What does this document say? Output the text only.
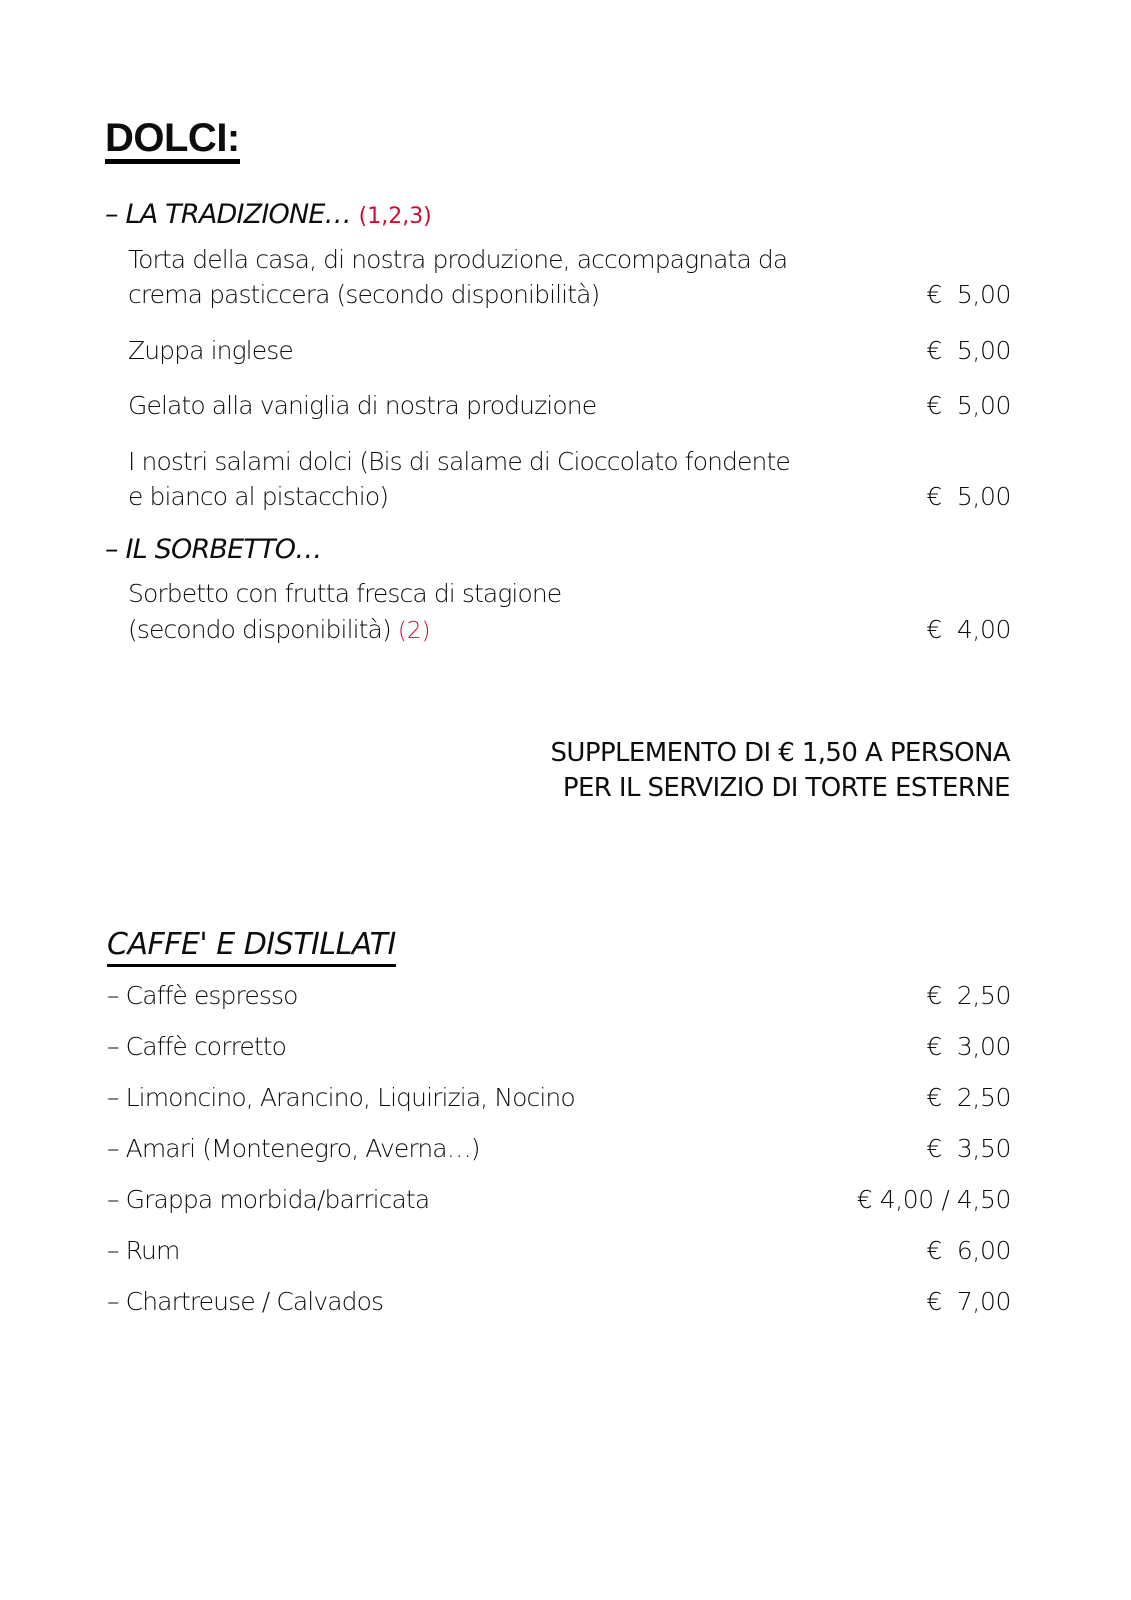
DOLCI:
– LA TRADIZIONE… (1,2,3)
Torta della casa, di nostra produzione, accompagnata da
crema pasticcera (secondo disponibilità)	€  5,00
Zuppa inglese	€  5,00
Gelato alla vaniglia di nostra produzione	€  5,00
I nostri salami dolci (Bis di salame di Cioccolato fondente
e bianco al pistacchio)	€  5,00
– IL SORBETTO…
Sorbetto con frutta fresca di stagione
(secondo disponibilità) (2)	€  4,00
SUPPLEMENTO DI € 1,50 A PERSONA
PER IL SERVIZIO DI TORTE ESTERNE
CAFFE' E DISTILLATI
– Caffè espresso	€  2,50
– Caffè corretto	€  3,00
– Limoncino, Arancino, Liquirizia, Nocino	€  2,50
– Amari (Montenegro, Averna…)	€  3,50
– Grappa morbida/barricata	€ 4,00 / 4,50
– Rum	€  6,00
– Chartreuse / Calvados	€  7,00
